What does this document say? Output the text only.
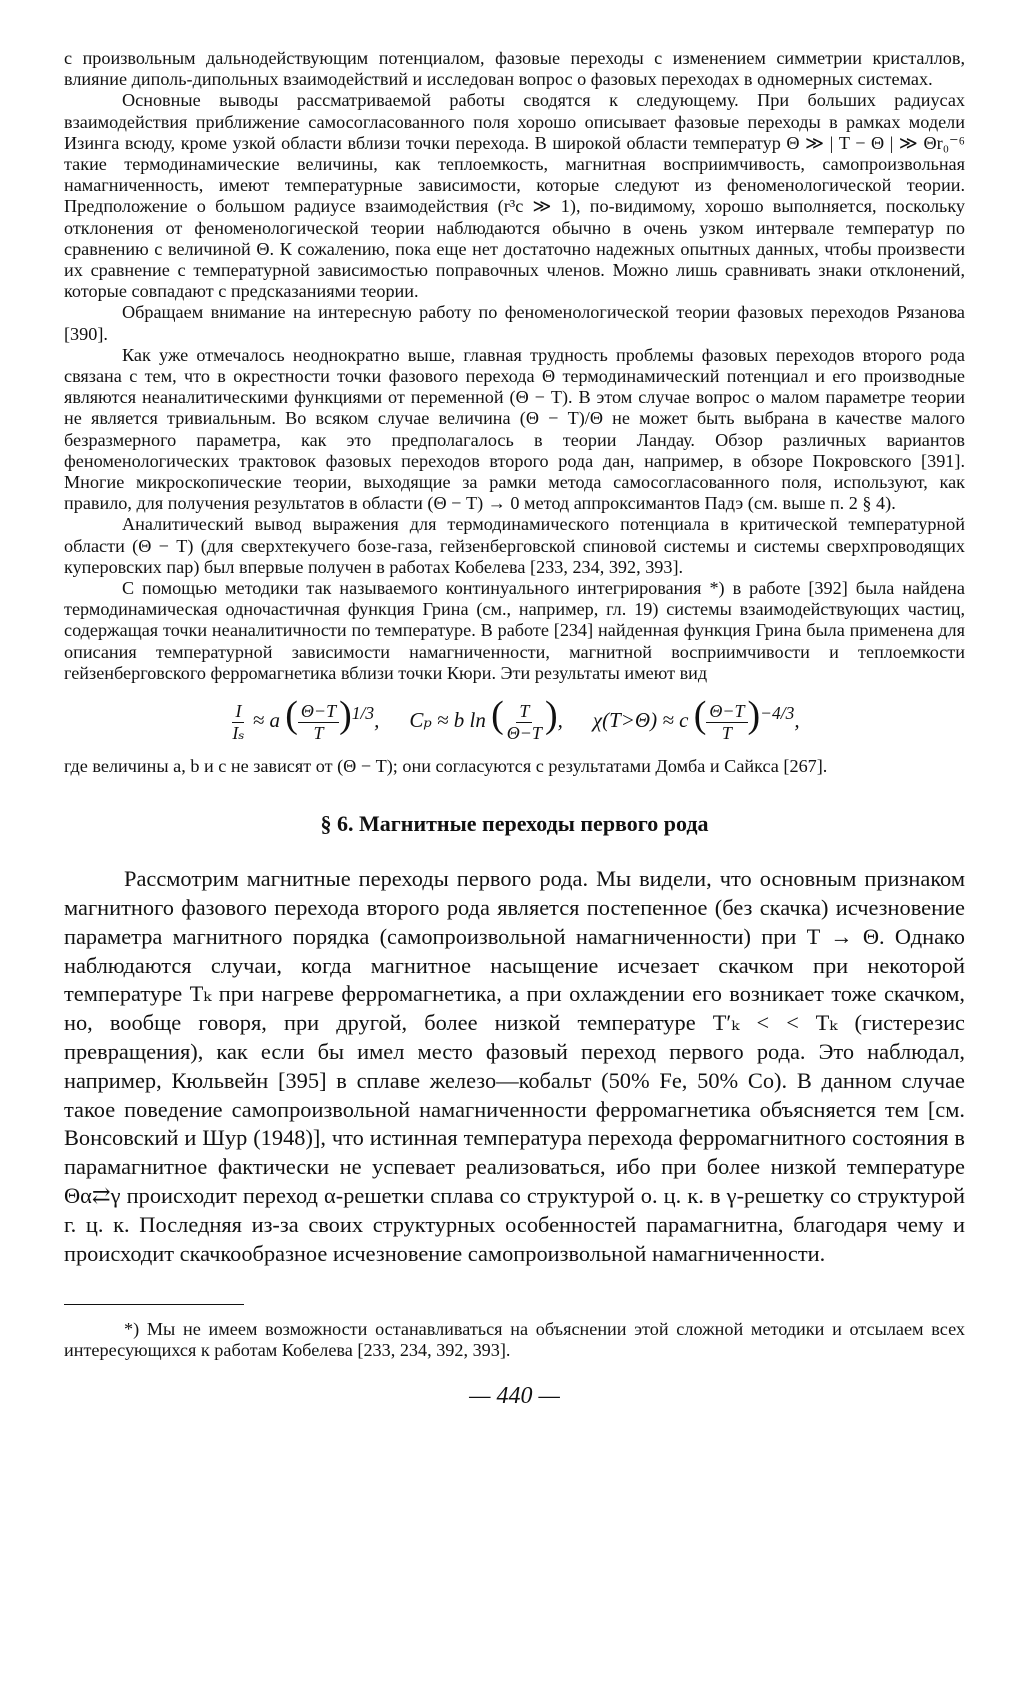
с произвольным дальнодействующим потенциалом, фазовые переходы с изменением симметрии кристаллов, влияние диполь-дипольных взаимодействий и исследован вопрос о фазовых переходах в одномерных системах.

Основные выводы рассматриваемой работы сводятся к следующему. При больших радиусах взаимодействия приближение самосогласованного поля хорошо описывает фазовые переходы в рамках модели Изинга всюду, кроме узкой области вблизи точки перехода. В широкой области температур Θ ≫ | T − Θ | ≫ Θr₀⁻⁶ такие термодинамические величины, как теплоемкость, магнитная восприимчивость, самопроизвольная намагниченность, имеют температурные зависимости, которые следуют из феноменологической теории. Предположение о большом радиусе взаимодействия (r³c ≫ 1), по-видимому, хорошо выполняется, поскольку отклонения от феноменологической теории наблюдаются обычно в очень узком интервале температур по сравнению с величиной Θ. К сожалению, пока еще нет достаточно надежных опытных данных, чтобы произвести их сравнение с температурной зависимостью поправочных членов. Можно лишь сравнивать знаки отклонений, которые совпадают с предсказаниями теории.

Обращаем внимание на интересную работу по феноменологической теории фазовых переходов Рязанова [390].

Как уже отмечалось неоднократно выше, главная трудность проблемы фазовых переходов второго рода связана с тем, что в окрестности точки фазового перехода Θ термодинамический потенциал и его производные являются неаналитическими функциями от переменной (Θ − T). В этом случае вопрос о малом параметре теории не является тривиальным. Во всяком случае величина (Θ − T)/Θ не может быть выбрана в качестве малого безразмерного параметра, как это предполагалось в теории Ландау. Обзор различных вариантов феноменологических трактовок фазовых переходов второго рода дан, например, в обзоре Покровского [391]. Многие микроскопические теории, выходящие за рамки метода самосогласованного поля, используют, как правило, для получения результатов в области (Θ − T) → 0 метод аппроксимантов Падэ (см. выше п. 2 § 4).

Аналитический вывод выражения для термодинамического потенциала в критической температурной области (Θ − T) (для сверхтекучего бозе-газа, гейзенберговской спиновой системы и системы сверхпроводящих куперовских пар) был впервые получен в работах Кобелева [233, 234, 392, 393].

С помощью методики так называемого континуального интегрирования *) в работе [392] была найдена термодинамическая одночастичная функция Грина (см., например, гл. 19) системы взаимодействующих частиц, содержащая точки неаналитичности по температуре. В работе [234] найденная функция Грина была применена для описания температурной зависимости намагниченности, магнитной восприимчивости и теплоемкости гейзенберговского ферромагнетика вблизи точки Кюри. Эти результаты имеют вид

$\frac{I}{\text{Iₛ}} \approx a$ ( $\frac{\Theta-T}{T} )^{1/3}$, Cₚ ≈ b ln ( $\frac{T}{\Theta-T}$ ), χ(T>Θ) ≈ c ( $\frac{\Theta-T}{T} )^{-4/3}$,

где величины a, b и c не зависят от (Θ − T); они согласуются с результатами Домба и Сайкса [267].

§ 6. Магнитные переходы первого рода

Рассмотрим магнитные переходы первого рода. Мы видели, что основным признаком магнитного фазового перехода второго рода является постепенное (без скачка) исчезновение параметра магнитного порядка (самопроизвольной намагниченности) при T → Θ. Однако наблюдаются случаи, когда магнитное насыщение исчезает скачком при некоторой температуре Tₖ при нагреве ферромагнетика, а при охлаждении его возникает тоже скачком, но, вообще говоря, при другой, более низкой температуре T′ₖ < < Tₖ (гистерезис превращения), как если бы имел место фазовый переход первого рода. Это наблюдал, например, Кюльвейн [395] в сплаве железо—кобальт (50% Fe, 50% Co). В данном случае такое поведение самопроизвольной намагниченности ферромагнетика объясняется тем [см. Вонсовский и Шур (1948)], что истинная температура перехода ферромагнитного состояния в парамагнитное фактически не успевает реализоваться, ибо при более низкой температуре Θα⇄γ происходит переход α-решетки сплава со структурой о. ц. к. в γ-решетку со структурой г. ц. к. Последняя из-за своих структурных особенностей парамагнитна, благодаря чему и происходит скачкообразное исчезновение самопроизвольной намагниченности.

*) Мы не имеем возможности останавливаться на объяснении этой сложной методики и отсылаем всех интересующихся к работам Кобелева [233, 234, 392, 393].

— 440 —
